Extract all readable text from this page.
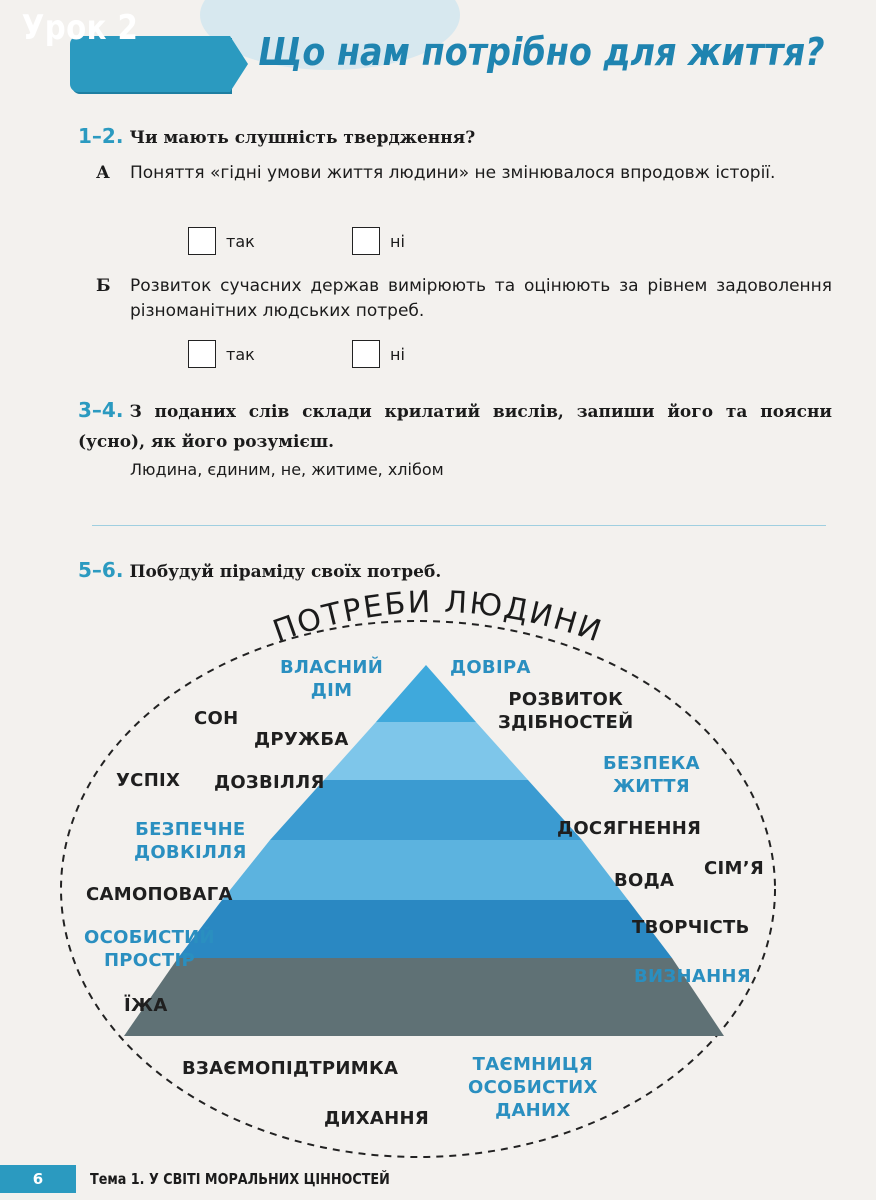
Урок 2
Що нам потрібно для життя?
1–2. Чи мають слушність твердження?
А Поняття «гідні умови життя людини» не змінювалося впродовж історії.
так	ні
Б Розвиток сучасних держав вимірюють та оцінюють за рівнем задоволення різноманітних людських потреб.
так	ні
3–4. З поданих слів склади крилатий вислів, запиши його та поясни (усно), як його розумієш.
Людина, єдиним, не, житиме, хлібом
5–6. Побудуй піраміду своїх потреб.
ПОТРЕБИ ЛЮДИНИ
ВЛАСНИЙ
ДІМ
ДОВІРА
СОН
ДРУЖБА
РОЗВИТОК
ЗДІБНОСТЕЙ
УСПІХ ДОЗВІЛЛЯ
БЕЗПЕКА
ЖИТТЯ
БЕЗПЕЧНЕ
ДОВКІЛЛЯ
ДОСЯГНЕННЯ
СІМ’Я
ВОДА
САМОПОВАГА
ОСОБИСТИЙ
ПРОСТІР
ТВОРЧІСТЬ
ВИЗНАННЯ
ЇЖА
ВЗАЄМОПІДТРИМКА	ТАЄМНИЦЯ
ОСОБИСТИХ
ДАНИХ
ДИХАННЯ
6	Тема 1. У СВІТІ МОРАЛЬНИХ ЦІННОСТЕЙ
